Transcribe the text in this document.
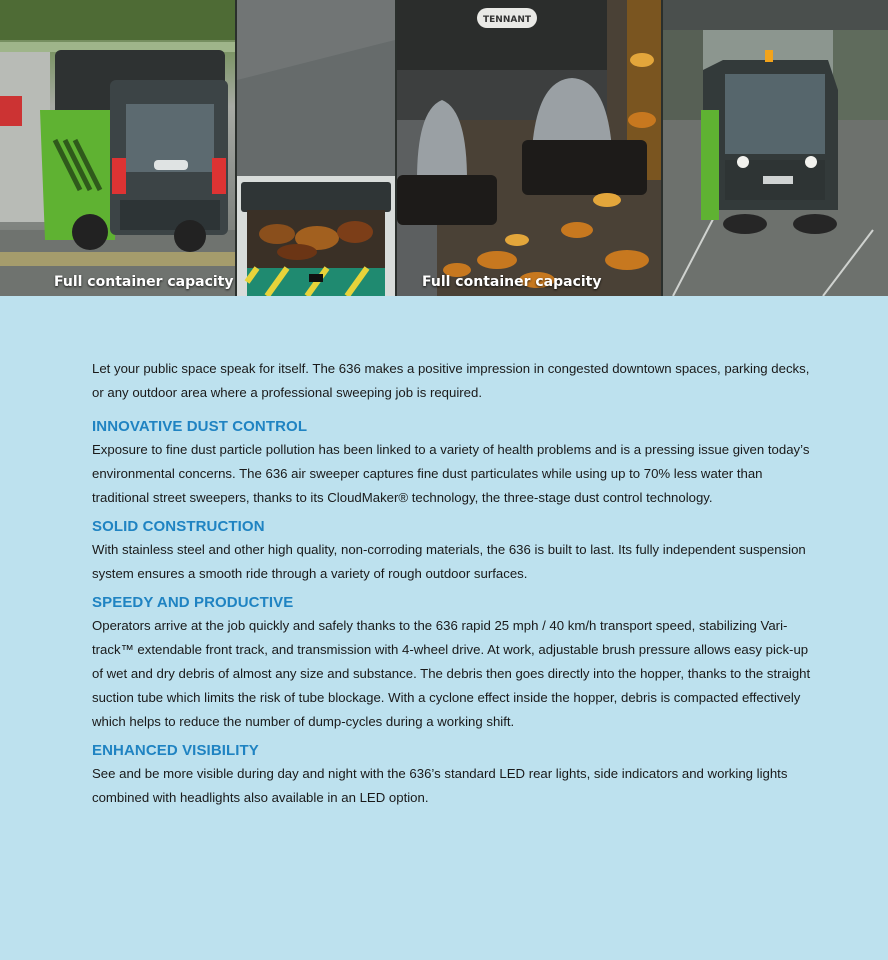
Full container capacity
TENNANT
Full container capacity

Let your public space speak for itself. The 636 makes a positive impression in congested downtown spaces, parking decks, or any outdoor area where a professional sweeping job is required.

INNOVATIVE DUST CONTROL

Exposure to fine dust particle pollution has been linked to a variety of health problems and is a pressing issue given today’s environmental concerns. The 636 air sweeper captures fine dust particulates while using up to 70% less water than traditional street sweepers, thanks to its CloudMaker® technology, the three-stage dust control technology.

SOLID CONSTRUCTION

With stainless steel and other high quality, non-corroding materials, the 636 is built to last. Its fully independent suspension system ensures a smooth ride through a variety of rough outdoor surfaces.

SPEEDY AND PRODUCTIVE

Operators arrive at the job quickly and safely thanks to the 636 rapid 25 mph / 40 km/h transport speed, stabilizing Vari-track™ extendable front track, and transmission with 4-wheel drive. At work, adjustable brush pressure allows easy pick-up of wet and dry debris of almost any size and substance. The debris then goes directly into the hopper, thanks to the straight suction tube which limits the risk of tube blockage. With a cyclone effect inside the hopper, debris is compacted effectively which helps to reduce the number of dump-cycles during a working shift.

ENHANCED VISIBILITY

See and be more visible during day and night with the 636’s standard LED rear lights, side indicators and working lights combined with headlights also available in an LED option.
